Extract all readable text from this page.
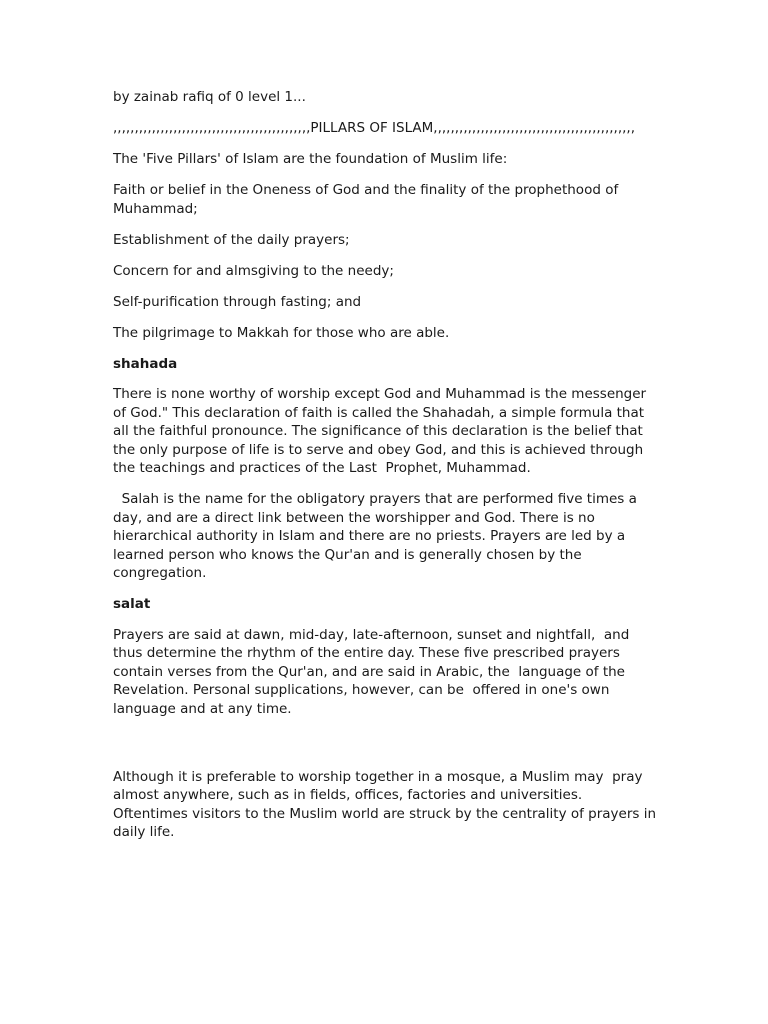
by zainab rafiq of 0 level 1...

,,,,,,,,,,,,,,,,,,,,,,,,,,,,,,,,,,,,,,,,,,,,,,PILLARS OF ISLAM,,,,,,,,,,,,,,,,,,,,,,,,,,,,,,,,,,,,,,,,,,,,,,,

The 'Five Pillars' of Islam are the foundation of Muslim life:

Faith or belief in the Oneness of God and the finality of the prophethood of Muhammad;

Establishment of the daily prayers;

Concern for and almsgiving to the needy;

Self-purification through fasting; and

The pilgrimage to Makkah for those who are able.

shahada

There is none worthy of worship except God and Muhammad is the messenger of God." This declaration of faith is called the Shahadah, a simple formula that all the faithful pronounce. The significance of this declaration is the belief that the only purpose of life is to serve and obey God, and this is achieved through the teachings and practices of the Last  Prophet, Muhammad.

Salah is the name for the obligatory prayers that are performed five times a day, and are a direct link between the worshipper and God. There is no hierarchical authority in Islam and there are no priests. Prayers are led by a learned person who knows the Qur'an and is generally chosen by the congregation.

salat

Prayers are said at dawn, mid-day, late-afternoon, sunset and nightfall,  and thus determine the rhythm of the entire day. These five prescribed prayers contain verses from the Qur'an, and are said in Arabic, the  language of the Revelation. Personal supplications, however, can be  offered in one's own language and at any time.

Although it is preferable to worship together in a mosque, a Muslim may  pray almost anywhere, such as in fields, offices, factories and universities. Oftentimes visitors to the Muslim world are struck by the centrality of prayers in daily life.
